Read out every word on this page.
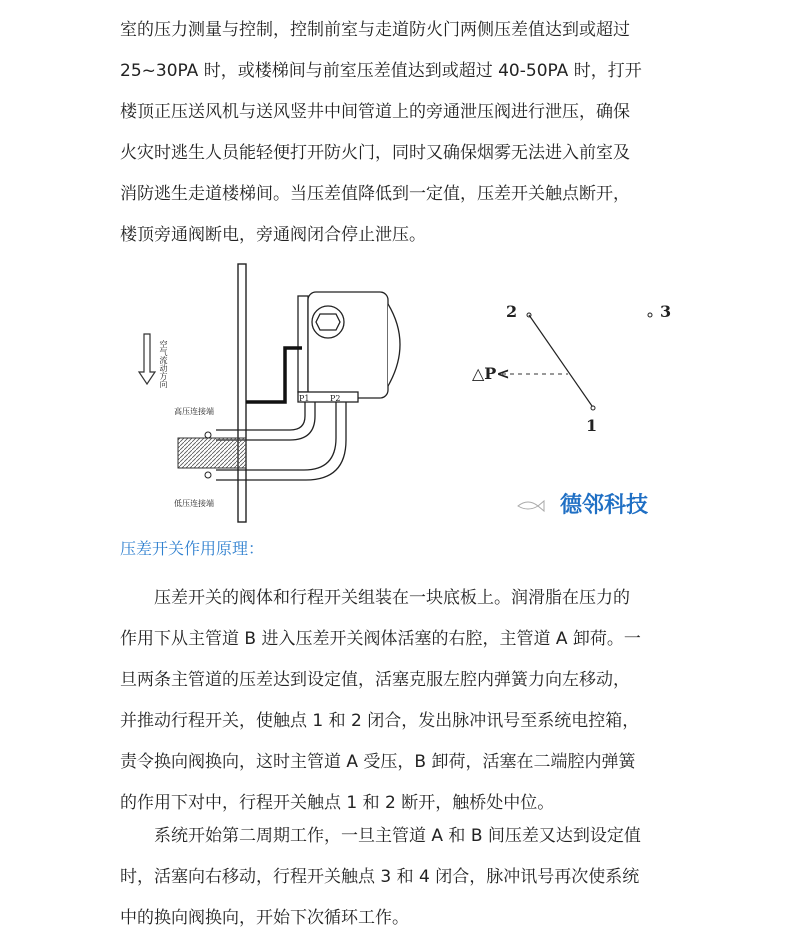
室的压力测量与控制，控制前室与走道防火门两侧压差值达到或超过
25~30PA 时，或楼梯间与前室压差值达到或超过 40-50PA 时，打开
楼顶正压送风机与送风竖井中间管道上的旁通泄压阀进行泄压，确保
火灾时逃生人员能轻便打开防火门，同时又确保烟雾无法进入前室及
消防逃生走道楼梯间。当压差值降低到一定值，压差开关触点断开，
楼顶旁通阀断电，旁通阀闭合停止泄压。
空气流动方向
高压连接端
低压连接端
P1	P2
2	3
1
△P<
德邻科技

压差开关作用原理：

压差开关的阀体和行程开关组装在一块底板上。润滑脂在压力的
作用下从主管道 B 进入压差开关阀体活塞的右腔，主管道 A 卸荷。一
旦两条主管道的压差达到设定值，活塞克服左腔内弹簧力向左移动，
并推动行程开关，使触点 1 和 2 闭合，发出脉冲讯号至系统电控箱，
责令换向阀换向，这时主管道 A 受压，B 卸荷，活塞在二端腔内弹簧
的作用下对中，行程开关触点 1 和 2 断开，触桥处中位。
系统开始第二周期工作，一旦主管道 A 和 B 间压差又达到设定值
时，活塞向右移动，行程开关触点 3 和 4 闭合，脉冲讯号再次使系统
中的换向阀换向，开始下次循环工作。
